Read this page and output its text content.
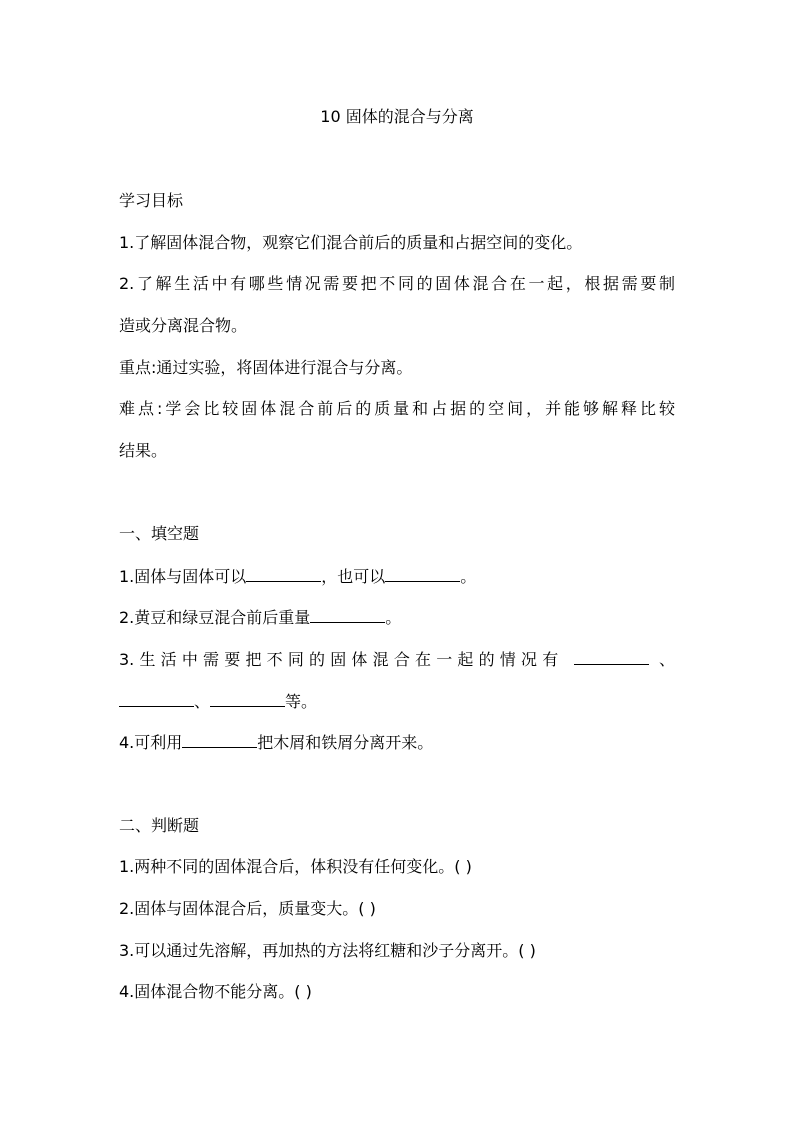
10 固体的混合与分离
学习目标
1.了解固体混合物，观察它们混合前后的质量和占据空间的变化。
2.了解生活中有哪些情况需要把不同的固体混合在一起，根据需要制
造或分离混合物。
重点:通过实验，将固体进行混合与分离。
难点:学会比较固体混合前后的质量和占据的空间，并能够解释比较
结果。
一、填空题
1.固体与固体可以	，也可以	。
2.黄豆和绿豆混合前后重量	。
3.生活中需要把不同的固体混合在一起的情况有	、
、	等。
4.可利用	把木屑和铁屑分离开来。
二、判断题
1.两种不同的固体混合后，体积没有任何变化。( )
2.固体与固体混合后，质量变大。( )
3.可以通过先溶解，再加热的方法将红糖和沙子分离开。( )
4.固体混合物不能分离。( )
